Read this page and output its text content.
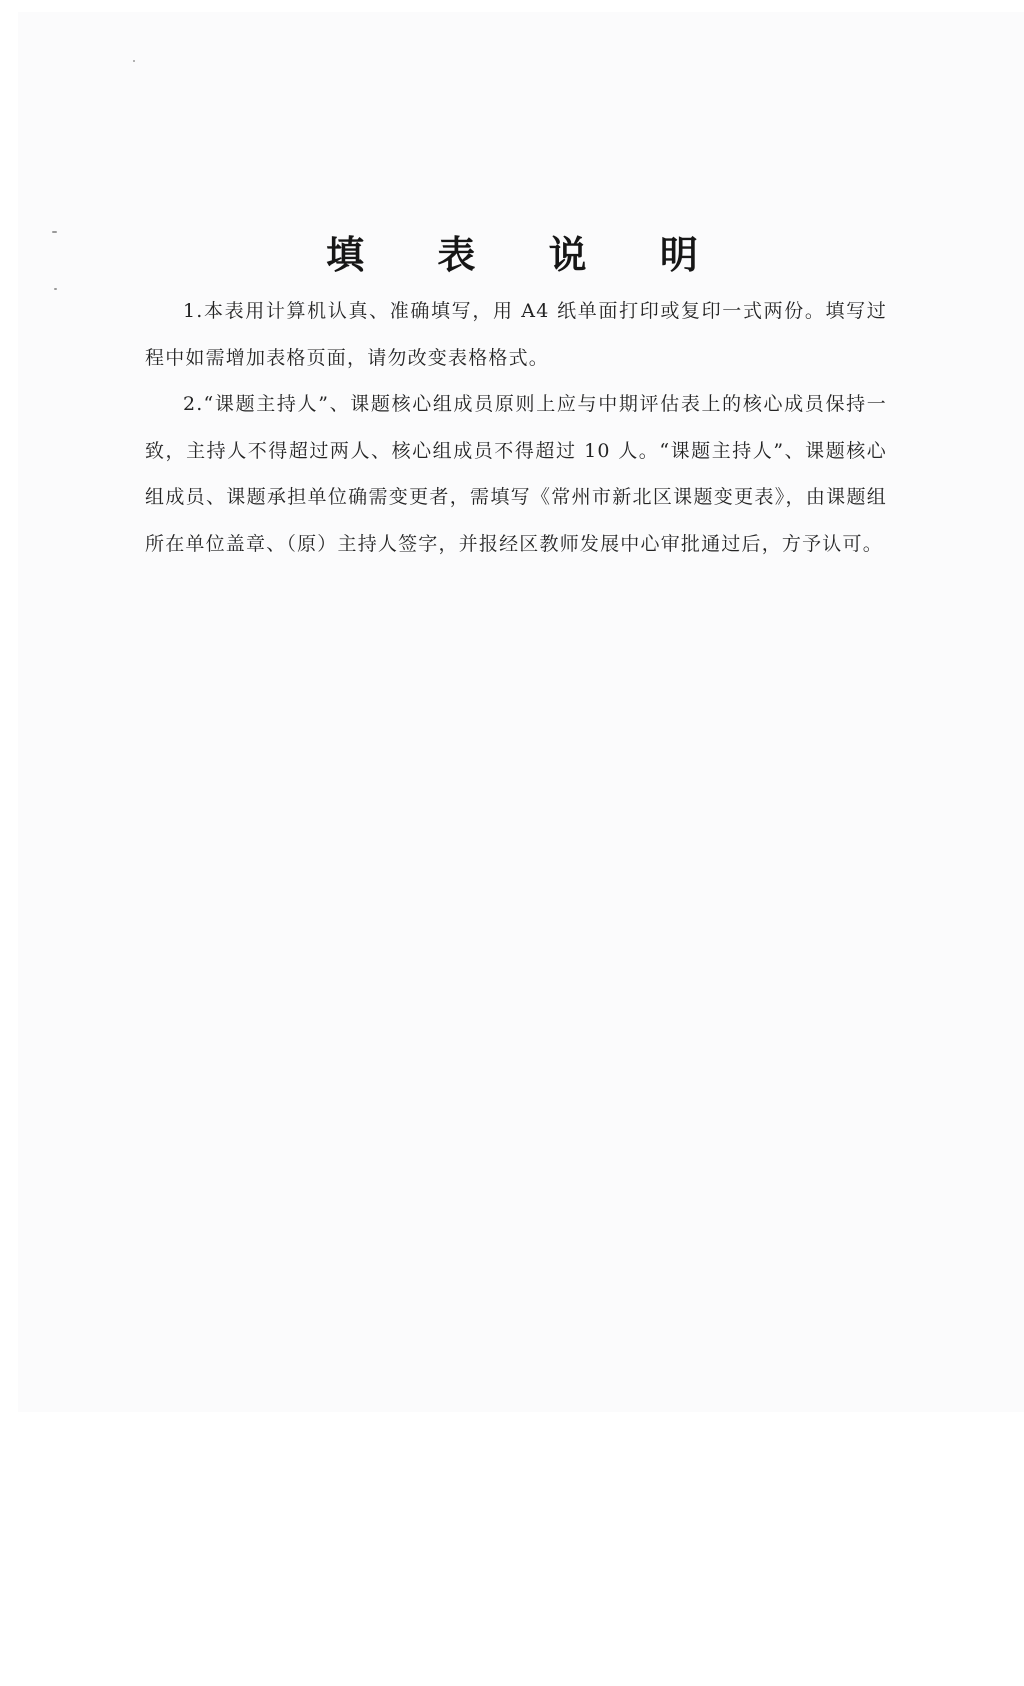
填 表 说 明

1.本表用计算机认真、准确填写，用 A4 纸单面打印或复印一式两份。填写过程中如需增加表格页面，请勿改变表格格式。

2.“课题主持人”、课题核心组成员原则上应与中期评估表上的核心成员保持一致，主持人不得超过两人、核心组成员不得超过 10 人。“课题主持人”、课题核心组成员、课题承担单位确需变更者，需填写《常州市新北区课题变更表》，由课题组所在单位盖章、（原）主持人签字，并报经区教师发展中心审批通过后，方予认可。
